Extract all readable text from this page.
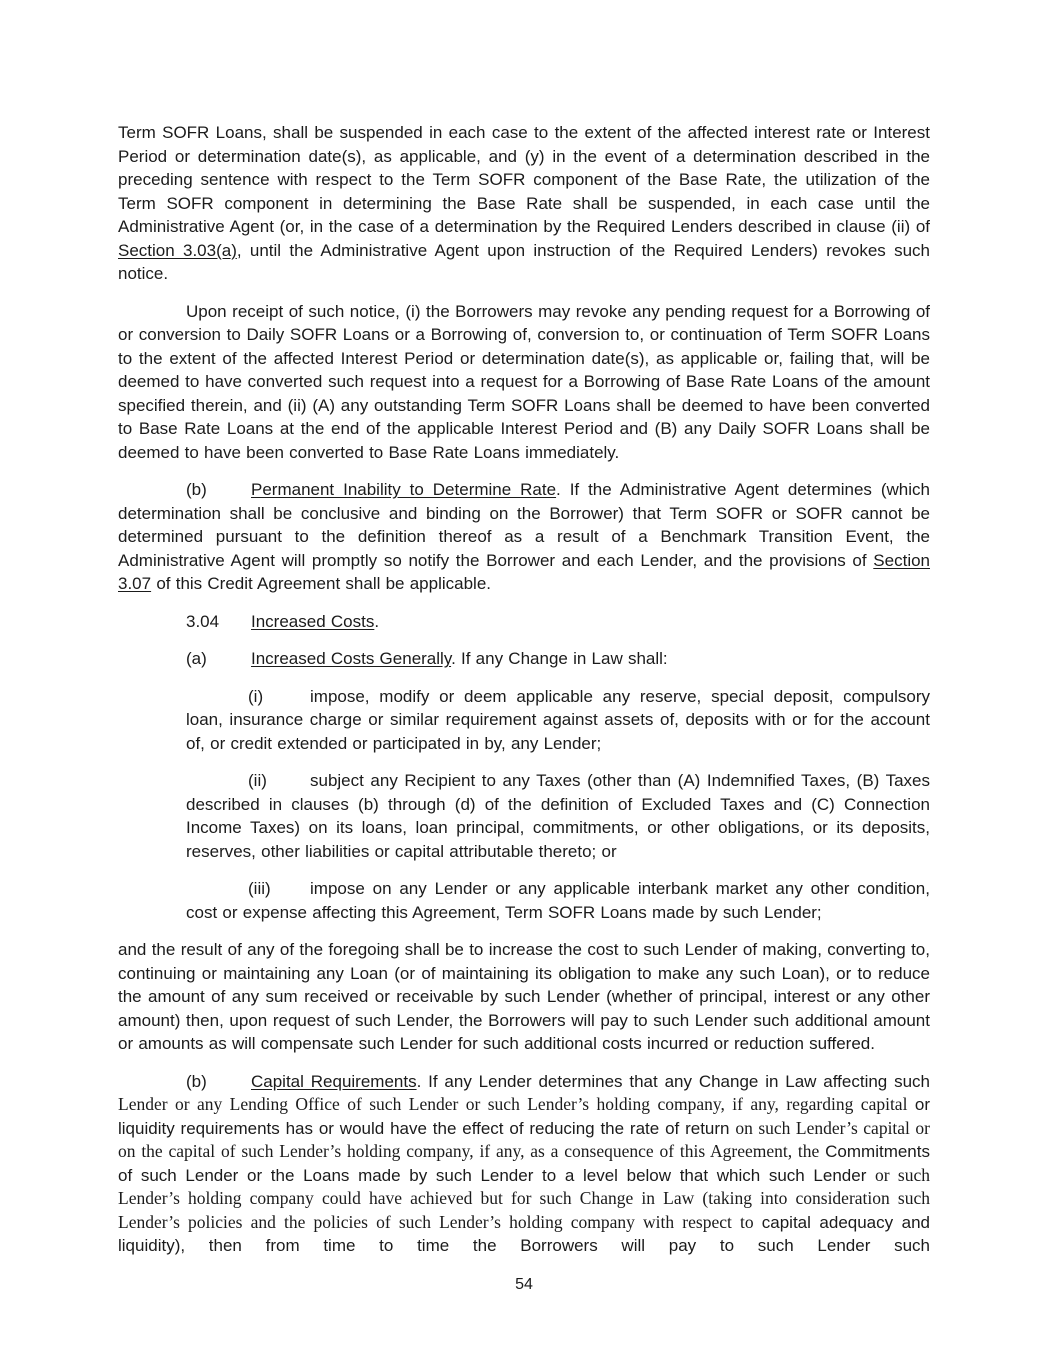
Term SOFR Loans, shall be suspended in each case to the extent of the affected interest rate or Interest Period or determination date(s), as applicable, and (y) in the event of a determination described in the preceding sentence with respect to the Term SOFR component of the Base Rate, the utilization of the Term SOFR component in determining the Base Rate shall be suspended, in each case until the Administrative Agent (or, in the case of a determination by the Required Lenders described in clause (ii) of Section 3.03(a), until the Administrative Agent upon instruction of the Required Lenders) revokes such notice.

Upon receipt of such notice, (i) the Borrowers may revoke any pending request for a Borrowing of or conversion to Daily SOFR Loans or a Borrowing of, conversion to, or continuation of Term SOFR Loans to the extent of the affected Interest Period or determination date(s), as applicable or, failing that, will be deemed to have converted such request into a request for a Borrowing of Base Rate Loans of the amount specified therein, and (ii) (A) any outstanding Term SOFR Loans shall be deemed to have been converted to Base Rate Loans at the end of the applicable Interest Period and (B) any Daily SOFR Loans shall be deemed to have been converted to Base Rate Loans immediately.

(b)	Permanent Inability to Determine Rate. If the Administrative Agent determines (which determination shall be conclusive and binding on the Borrower) that Term SOFR or SOFR cannot be determined pursuant to the definition thereof as a result of a Benchmark Transition Event, the Administrative Agent will promptly so notify the Borrower and each Lender, and the provisions of Section 3.07 of this Credit Agreement shall be applicable.

3.04 Increased Costs.

(a)	Increased Costs Generally. If any Change in Law shall:

(i)	impose, modify or deem applicable any reserve, special deposit, compulsory loan, insurance charge or similar requirement against assets of, deposits with or for the account of, or credit extended or participated in by, any Lender;

(ii)	subject any Recipient to any Taxes (other than (A) Indemnified Taxes, (B) Taxes described in clauses (b) through (d) of the definition of Excluded Taxes and (C) Connection Income Taxes) on its loans, loan principal, commitments, or other obligations, or its deposits, reserves, other liabilities or capital attributable thereto; or

(iii) impose on any Lender or any applicable interbank market any other condition, cost or expense affecting this Agreement, Term SOFR Loans made by such Lender;

and the result of any of the foregoing shall be to increase the cost to such Lender of making, converting to, continuing or maintaining any Loan (or of maintaining its obligation to make any such Loan), or to reduce the amount of any sum received or receivable by such Lender (whether of principal, interest or any other amount) then, upon request of such Lender, the Borrowers will pay to such Lender such additional amount or amounts as will compensate such Lender for such additional costs incurred or reduction suffered.

(b)	Capital Requirements. If any Lender determines that any Change in Law affecting such Lender or any Lending Office of such Lender or such Lender’s holding company, if any, regarding capital or liquidity requirements has or would have the effect of reducing the rate of return on such Lender’s capital or on the capital of such Lender’s holding company, if any, as a consequence of this Agreement, the Commitments of such Lender or the Loans made by such Lender to a level below that which such Lender or such Lender’s holding company could have achieved but for such Change in Law (taking into consideration such Lender’s policies and the policies of such Lender’s holding company with respect to capital adequacy and liquidity), then from time to time the Borrowers will pay to such Lender such

54
